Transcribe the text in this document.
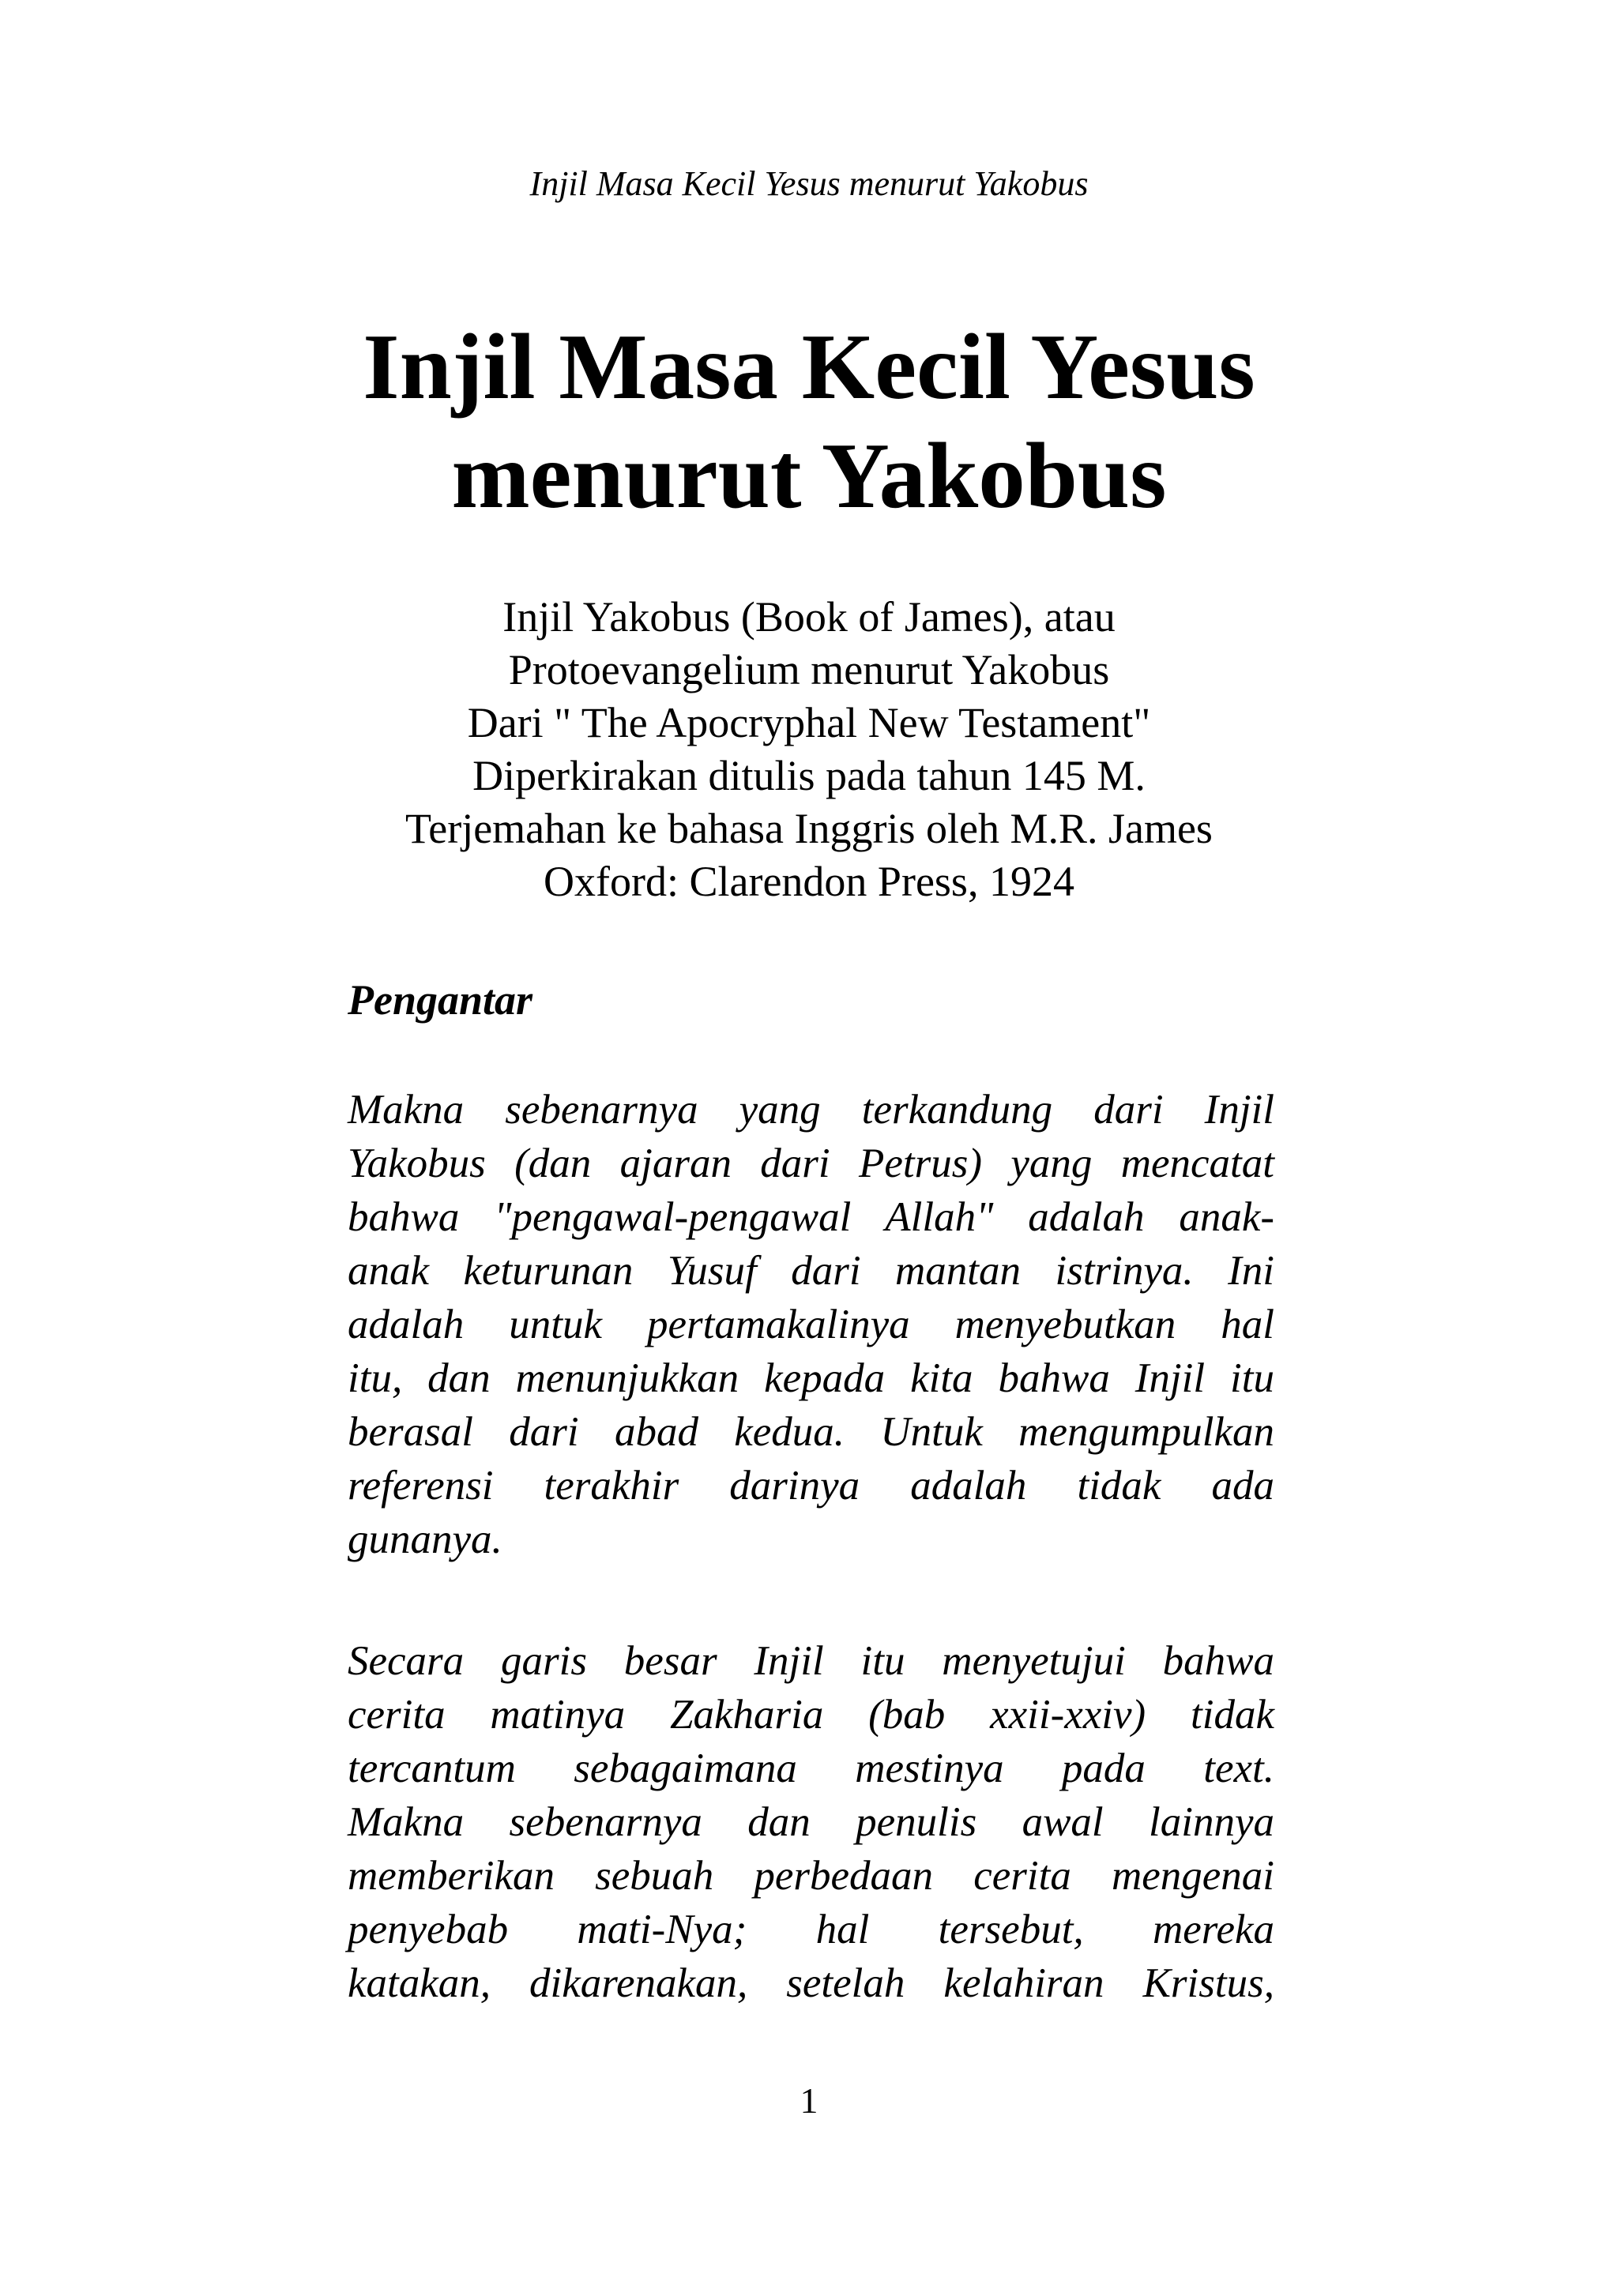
Injil Masa Kecil Yesus menurut Yakobus
Injil Masa Kecil Yesus
menurut Yakobus
Injil Yakobus (Book of James), atau
Protoevangelium menurut Yakobus
Dari " The Apocryphal New Testament"
Diperkirakan ditulis pada tahun 145 M.
Terjemahan ke bahasa Inggris oleh M.R. James
Oxford: Clarendon Press, 1924
Pengantar

Makna sebenarnya yang terkandung dari Injil
Yakobus (dan ajaran dari Petrus) yang mencatat
bahwa "pengawal-pengawal Allah" adalah anak-
anak keturunan Yusuf dari mantan istrinya. Ini
adalah untuk pertamakalinya menyebutkan hal
itu, dan menunjukkan kepada kita bahwa Injil itu
berasal dari abad kedua. Untuk mengumpulkan
referensi terakhir darinya adalah tidak ada
gunanya.

Secara garis besar Injil itu menyetujui bahwa
cerita matinya Zakharia (bab xxii-xxiv) tidak
tercantum sebagaimana mestinya pada text.
Makna sebenarnya dan penulis awal lainnya
memberikan sebuah perbedaan cerita mengenai
penyebab mati-Nya; hal tersebut, mereka
katakan, dikarenakan, setelah kelahiran Kristus,

1
